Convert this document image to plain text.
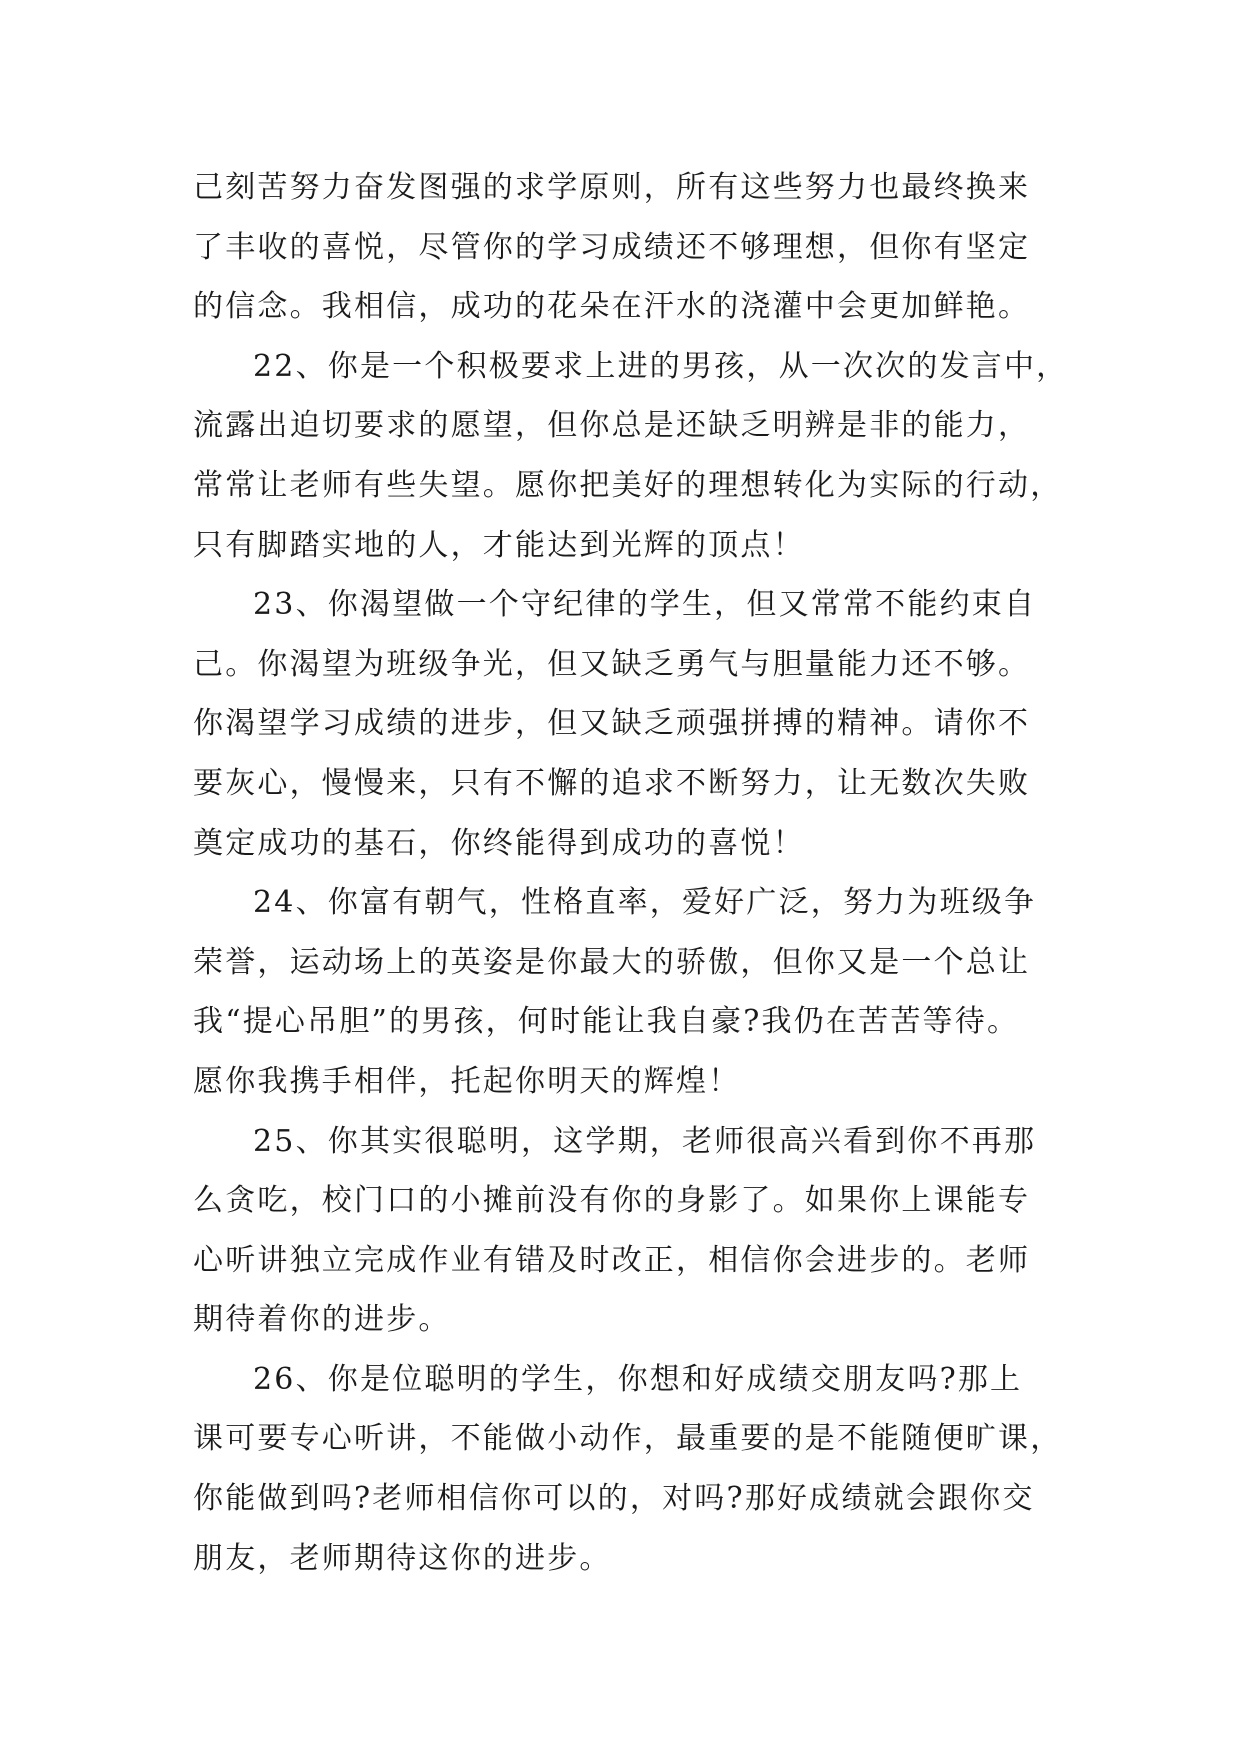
己刻苦努力奋发图强的求学原则，所有这些努力也最终换来
了丰收的喜悦，尽管你的学习成绩还不够理想，但你有坚定
的信念。我相信，成功的花朵在汗水的浇灌中会更加鲜艳。
22、你是一个积极要求上进的男孩，从一次次的发言中，
流露出迫切要求的愿望，但你总是还缺乏明辨是非的能力，
常常让老师有些失望。愿你把美好的理想转化为实际的行动，
只有脚踏实地的人，才能达到光辉的顶点！
23、你渴望做一个守纪律的学生，但又常常不能约束自
己。你渴望为班级争光，但又缺乏勇气与胆量能力还不够。
你渴望学习成绩的进步，但又缺乏顽强拼搏的精神。请你不
要灰心，慢慢来，只有不懈的追求不断努力，让无数次失败
奠定成功的基石，你终能得到成功的喜悦！
24、你富有朝气，性格直率，爱好广泛，努力为班级争
荣誉，运动场上的英姿是你最大的骄傲，但你又是一个总让
我“提心吊胆”的男孩，何时能让我自豪?我仍在苦苦等待。
愿你我携手相伴，托起你明天的辉煌！
25、你其实很聪明，这学期，老师很高兴看到你不再那
么贪吃，校门口的小摊前没有你的身影了。如果你上课能专
心听讲独立完成作业有错及时改正，相信你会进步的。老师
期待着你的进步。
26、你是位聪明的学生，你想和好成绩交朋友吗?那上
课可要专心听讲，不能做小动作，最重要的是不能随便旷课，
你能做到吗?老师相信你可以的，对吗?那好成绩就会跟你交
朋友，老师期待这你的进步。
